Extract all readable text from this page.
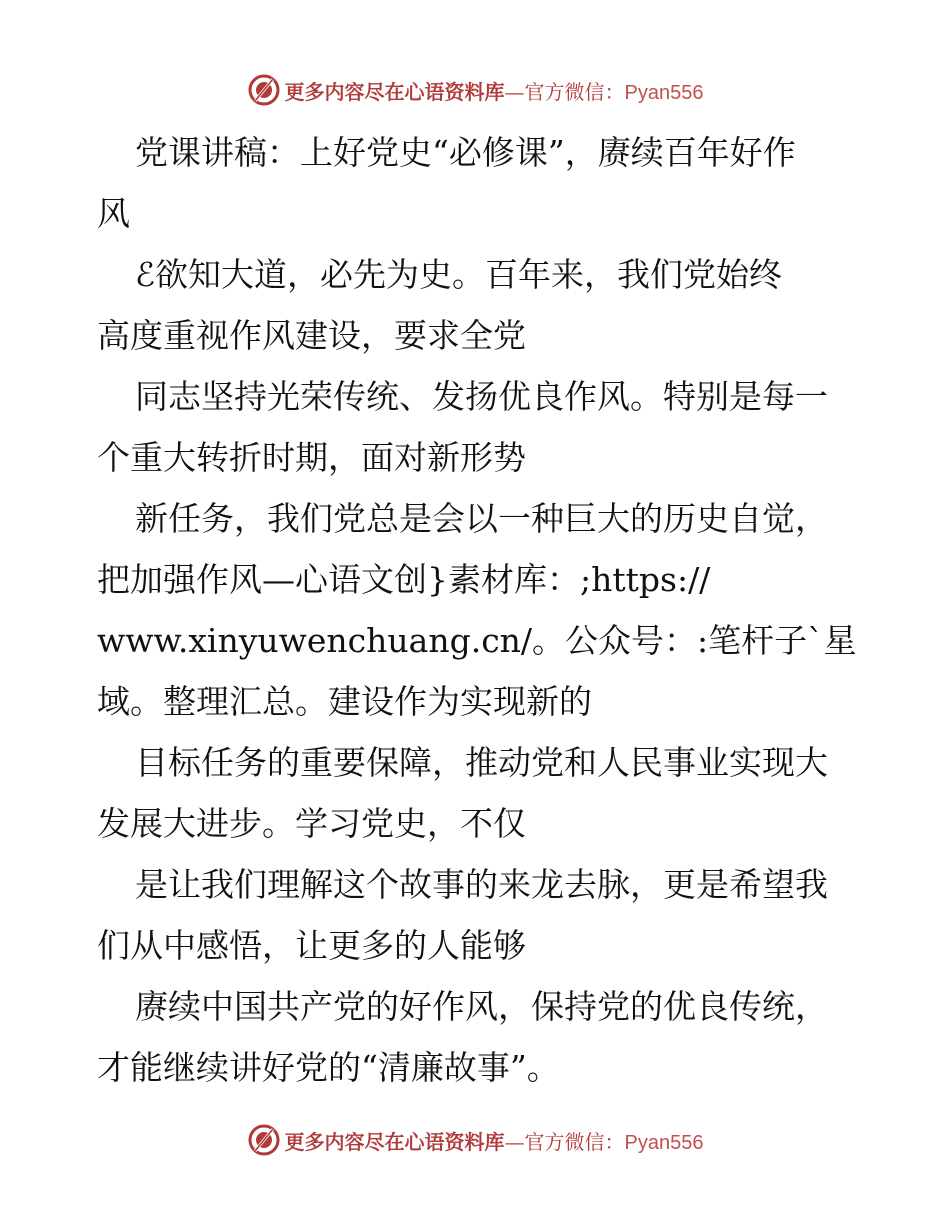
更多内容尽在心语资料库—官方微信：Pyan556
党课讲稿：上好党史“必修课”，赓续百年好作
风
ℰ欲知大道，必先为史。百年来，我们党始终
高度重视作风建设，要求全党
同志坚持光荣传统、发扬优良作风。特别是每一
个重大转折时期，面对新形势
新任务，我们党总是会以一种巨大的历史自觉，
把加强作风—心语文创}素材库：;https://
www.xinyuwenchuang.cn/。公众号：:笔杆子`星
域。整理汇总。建设作为实现新的
目标任务的重要保障，推动党和人民事业实现大
发展大进步。学习党史，不仅
是让我们理解这个故事的来龙去脉，更是希望我
们从中感悟，让更多的人能够
赓续中国共产党的好作风，保持党的优良传统，
才能继续讲好党的“清廉故事”。
更多内容尽在心语资料库—官方微信：Pyan556
